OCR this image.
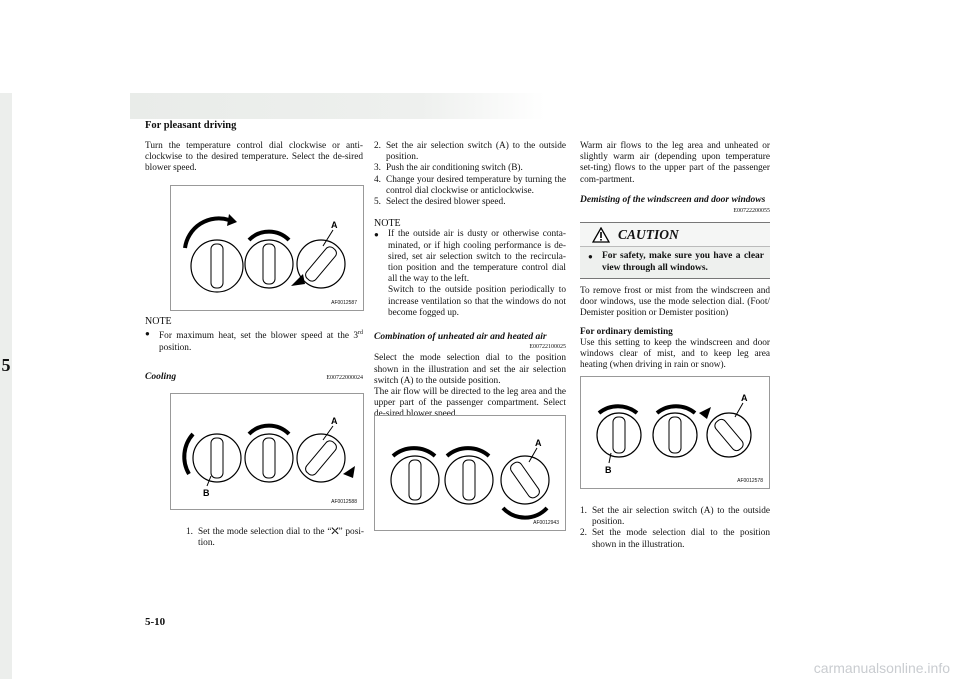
For pleasant driving
5
5-10

Turn the temperature control dial clockwise or anti-clockwise to the desired temperature. Select the de-sired blower speed.

A
AF0012587
NOTE
● For maximum heat, set the blower speed at the 3rd position.
Cooling	E00722000024
B
A
AF0012588
1. Set the mode selection dial to the “⛌” posi-tion.
2. Set the air selection switch (A) to the outside position.
3. Push the air conditioning switch (B).
4. Change your desired temperature by turning the control dial clockwise or anticlockwise.
5. Select the desired blower speed.
NOTE
● If the outside air is dusty or otherwise conta-minated, or if high cooling performance is de-sired, set air selection switch to the recircula-tion position and the temperature control dial all the way to the left.

Switch to the outside position periodically to increase ventilation so that the windows do not become fogged up.

Combination of unheated air and heated air
E00722100025

Select the mode selection dial to the position shown in the illustration and set the air selection switch (A) to the outside position.

The air flow will be directed to the leg area and the upper part of the passenger compartment. Select

A
AF0012943

Warm air flows to the leg area and unheated or slightly warm air (depending upon temperature set-ting) flows to the upper part of the passenger com-partment.

Demisting of the windscreen and door windows
E00722200055
CAUTION
● For safety, make sure you have a clear view through all windows.

To remove frost or mist from the windscreen and door windows, use the mode selection dial. (Foot/ Demister position or Demister position)

For ordinary demisting

Use this setting to keep the windscreen and door windows clear of mist, and to keep leg area heating (when driving in rain or snow).

B
A
AF0012578
1. Set the air selection switch (A) to the outside position.
2. Set the mode selection dial to the position shown in the illustration.
carmanualsonline.info
